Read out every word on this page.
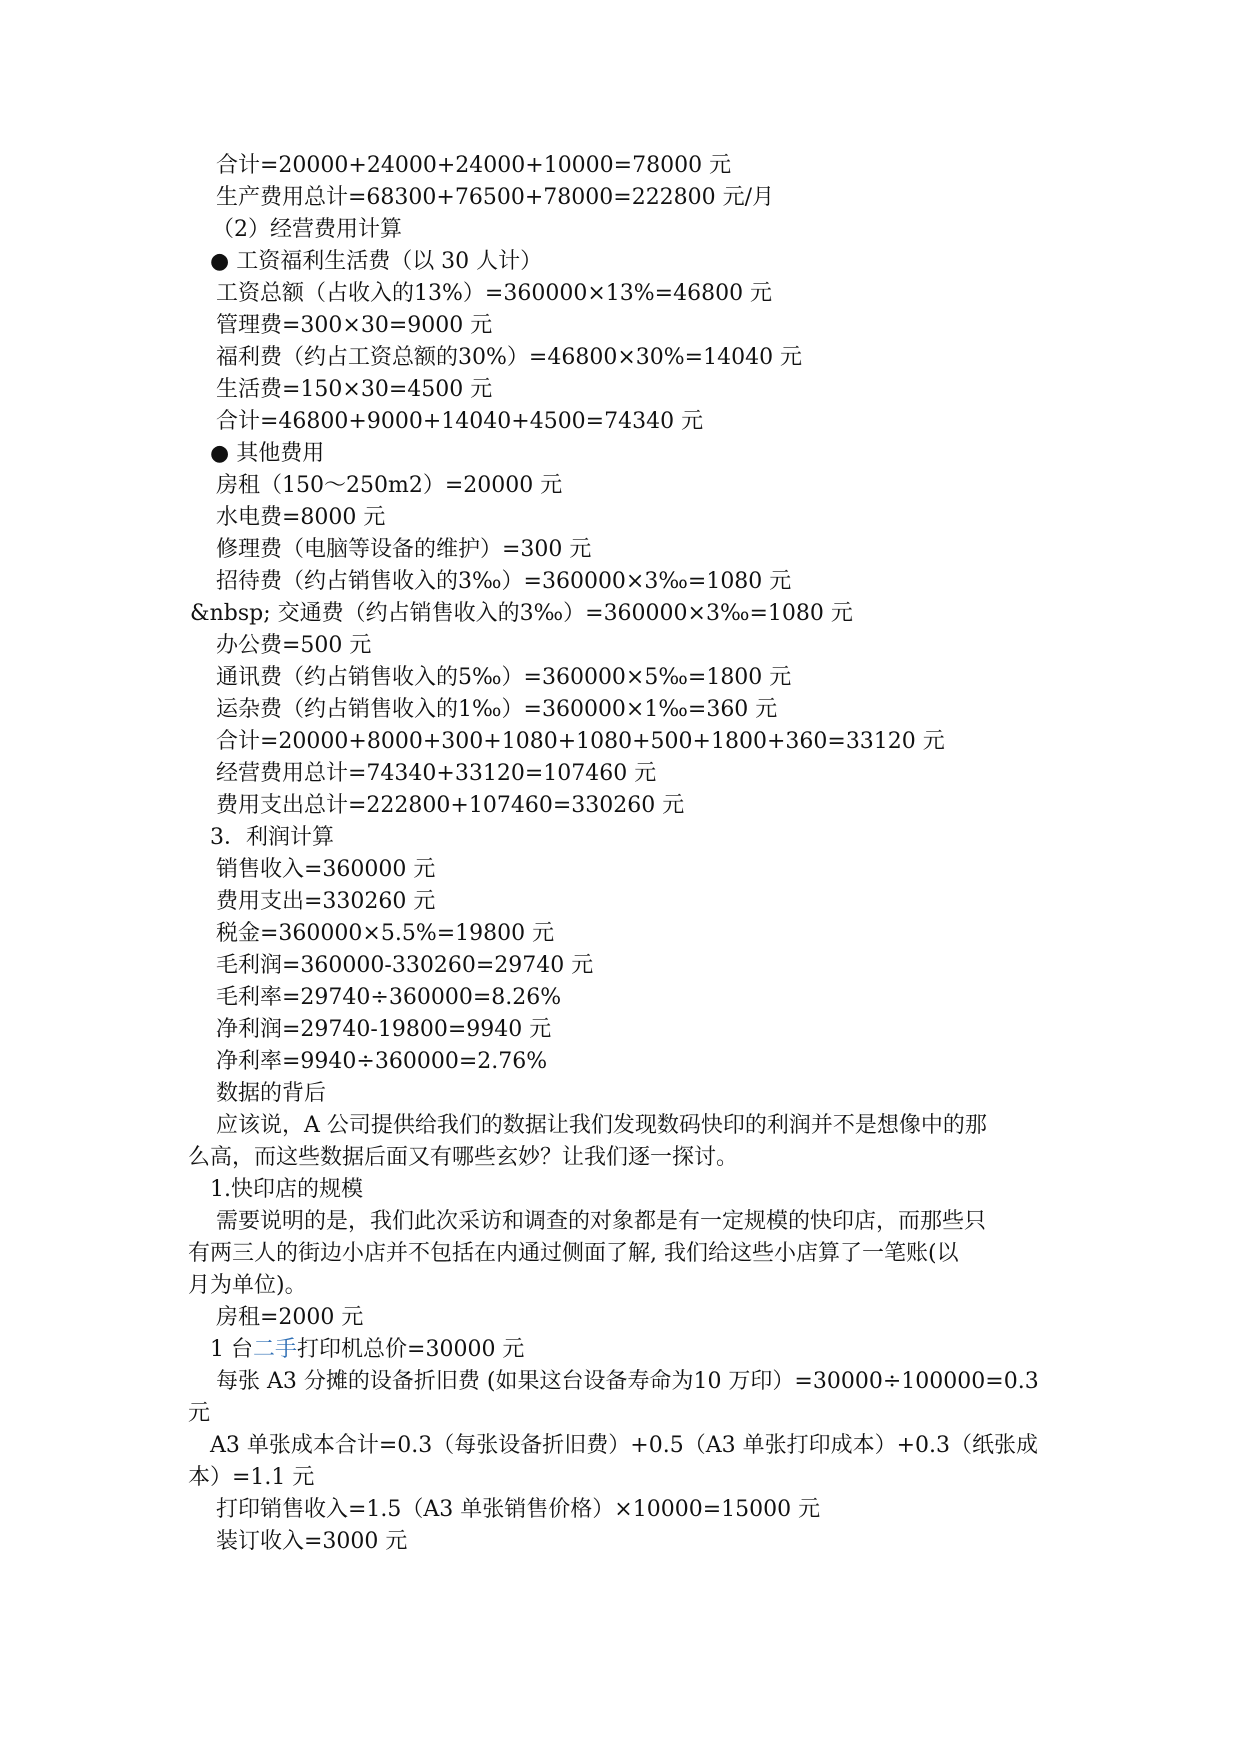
合计=20000+24000+24000+10000=78000 元
生产费用总计=68300+76500+78000=222800 元/月
（2）经营费用计算
● 工资福利生活费（以 30 人计）
工资总额（占收入的13%）=360000×13%=46800 元
管理费=300×30=9000 元
福利费（约占工资总额的30%）=46800×30%=14040 元
生活费=150×30=4500 元
合计=46800+9000+14040+4500=74340 元
● 其他费用
房租（150～250m2）=20000 元
水电费=8000 元
修理费（电脑等设备的维护）=300 元
招待费（约占销售收入的3‰）=360000×3‰=1080 元
&nbsp; 交通费（约占销售收入的3‰）=360000×3‰=1080 元
办公费=500 元
通讯费（约占销售收入的5‰）=360000×5‰=1800 元
运杂费（约占销售收入的1‰）=360000×1‰=360 元
合计=20000+8000+300+1080+1080+500+1800+360=33120 元
经营费用总计=74340+33120=107460 元
费用支出总计=222800+107460=330260 元
3．利润计算
销售收入=360000 元
费用支出=330260 元
税金=360000×5.5%=19800 元
毛利润=360000-330260=29740 元
毛利率=29740÷360000=8.26%
净利润=29740-19800=9940 元
净利率=9940÷360000=2.76%
数据的背后
应该说，A 公司提供给我们的数据让我们发现数码快印的利润并不是想像中的那
么高，而这些数据后面又有哪些玄妙？让我们逐一探讨。
1.快印店的规模
需要说明的是，我们此次采访和调查的对象都是有一定规模的快印店，而那些只
有两三人的街边小店并不包括在内通过侧面了解, 我们给这些小店算了一笔账(以
月为单位)。
房租=2000 元
1 台二手打印机总价=30000 元
每张 A3 分摊的设备折旧费 (如果这台设备寿命为10 万印）=30000÷100000=0.3
元
A3 单张成本合计=0.3（每张设备折旧费）+0.5（A3 单张打印成本）+0.3（纸张成
本）=1.1 元
打印销售收入=1.5（A3 单张销售价格）×10000=15000 元
装订收入=3000 元
